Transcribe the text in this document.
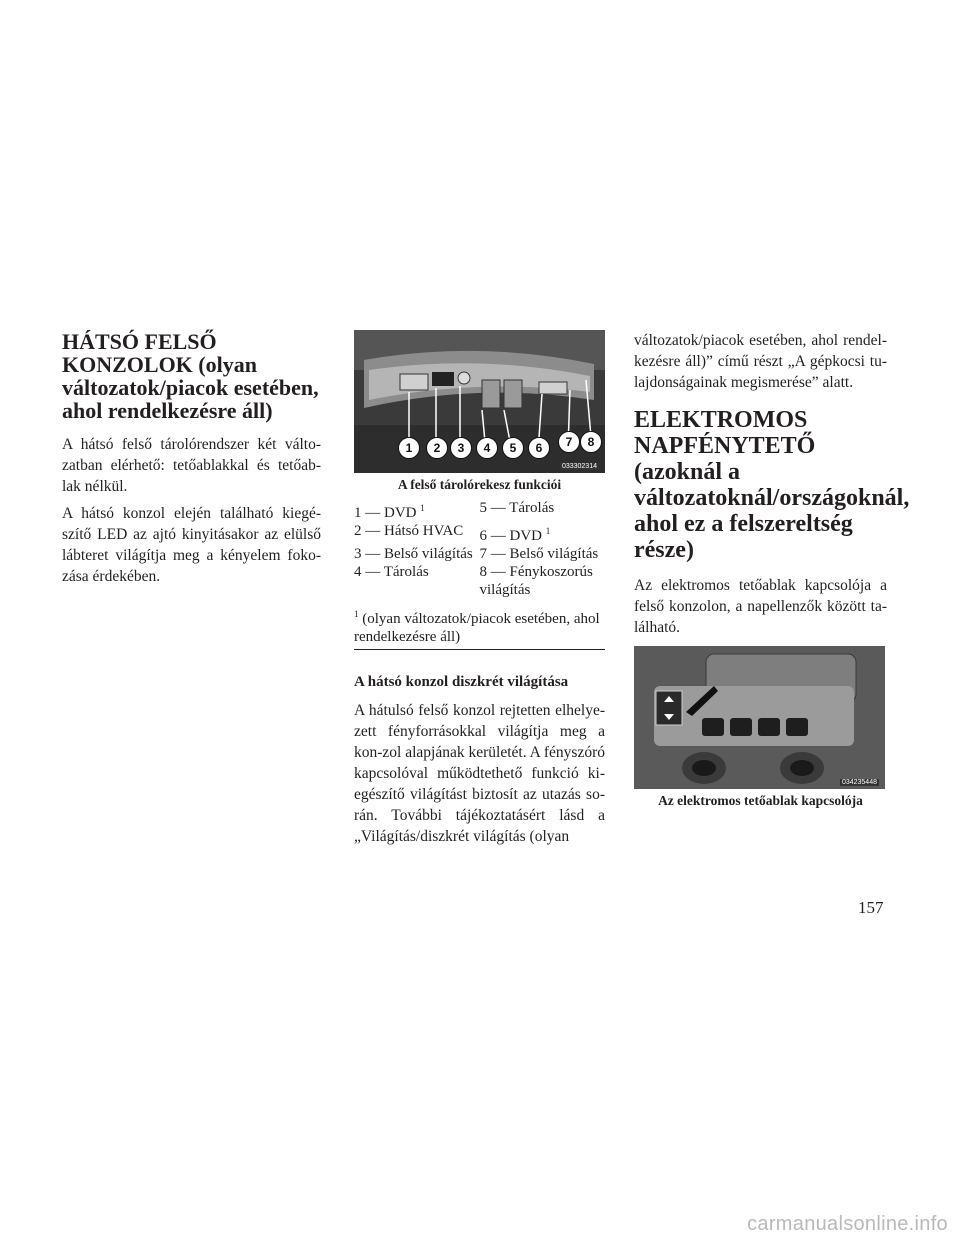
HÁTSÓ FELSŐ KONZOLOK (olyan változatok/piacok esetében, ahol rendelkezésre áll)

A hátsó felső tárolórendszer két válto-zatban elérhető: tetőablakkal és tetőab-lak nélkül.

A hátsó konzol elején található kiegé-szítő LED az ajtó kinyitásakor az elülső lábteret világítja meg a kényelem foko-zása érdekében.

1	2	3	4	5	6	7	8
033302314
A felső tárolórekesz funkciói
1 — DVD $^1$	5 — Tárolás
2 — Hátsó HVAC	6 — DVD $^1$
3 — Belső világítás	7 — Belső világítás
4 — Tárolás	8 — Fénykoszorús világítás
$^1$ (olyan változatok/piacok esetében, ahol rendelkezésre áll)
A hátsó konzol diszkrét világítása

A hátulsó felső konzol rejtetten elhelye-zett fényforrásokkal világítja meg a kon-zol alapjának kerületét. A fényszóró kapcsolóval működtethető funkció ki-egészítő világítást biztosít az utazás so-rán. További tájékoztatásért lásd a „Világítás/diszkrét világítás (olyan

változatok/piacok esetében, ahol rendel-kezésre áll)” című részt „A gépkocsi tu-lajdonságainak megismerése” alatt.

ELEKTROMOS NAPFÉNYTETŐ (azoknál a változatoknál/országoknál, ahol ez a felszereltség része)

Az elektromos tetőablak kapcsolója a felső konzolon, a napellenzők között ta-lálható.

034235448
Az elektromos tetőablak kapcsolója
157
carmanualsonline.info
